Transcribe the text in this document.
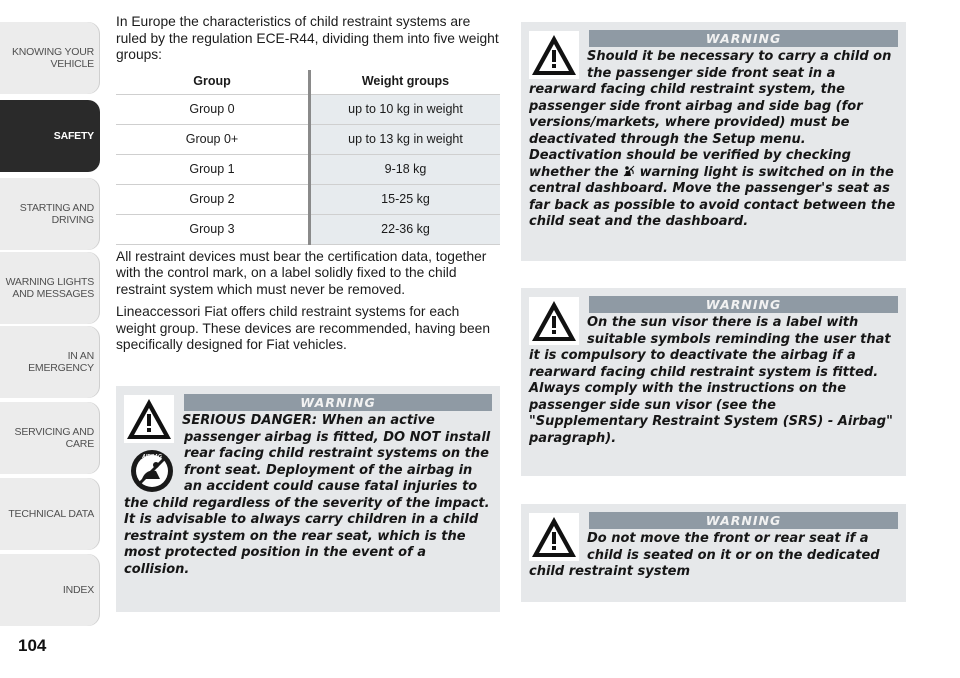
KNOWING YOUR VEHICLE
SAFETY
STARTING AND DRIVING
WARNING LIGHTS AND MESSAGES
IN AN EMERGENCY
SERVICING AND CARE
TECHNICAL DATA
INDEX
104

In Europe the characteristics of child restraint systems are ruled by the regulation ECE-R44, dividing them into five weight groups:

Group	Weight groups
Group 0	up to 10 kg in weight
Group 0+	up to 13 kg in weight
Group 1	9-18 kg
Group 2	15-25 kg
Group 3	22-36 kg

All restraint devices must bear the certification data, together with the control mark, on a label solidly fixed to the child restraint system which must never be removed.

Lineaccessori Fiat offers child restraint systems for each weight group. These devices are recommended, having been specifically designed for Fiat vehicles.

WARNING
AIRBAG

SERIOUS DANGER: When an active passenger airbag is fitted, DO NOT install rear facing child restraint systems on the front seat. Deployment of the airbag in an accident could cause fatal injuries to the child regardless of the severity of the impact. It is advisable to always carry children in a child restraint system on the rear seat, which is the most protected position in the event of a collision.

WARNING

Should it be necessary to carry a child on the passenger side front seat in a rearward facing child restraint system, the passenger side front airbag and side bag (for versions/markets, where provided) must be deactivated through the Setup menu. Deactivation should be verified by checking whether the  warning light is switched on in the central dashboard. Move the passenger's seat as far back as possible to avoid contact between the child seat and the dashboard.

WARNING

On the sun visor there is a label with suitable symbols reminding the user that it is compulsory to deactivate the airbag if a rearward facing child restraint system is fitted. Always comply with the instructions on the passenger side sun visor (see the "Supplementary Restraint System (SRS) - Airbag" paragraph).

WARNING

Do not move the front or rear seat if a child is seated on it or on the dedicated child restraint system
